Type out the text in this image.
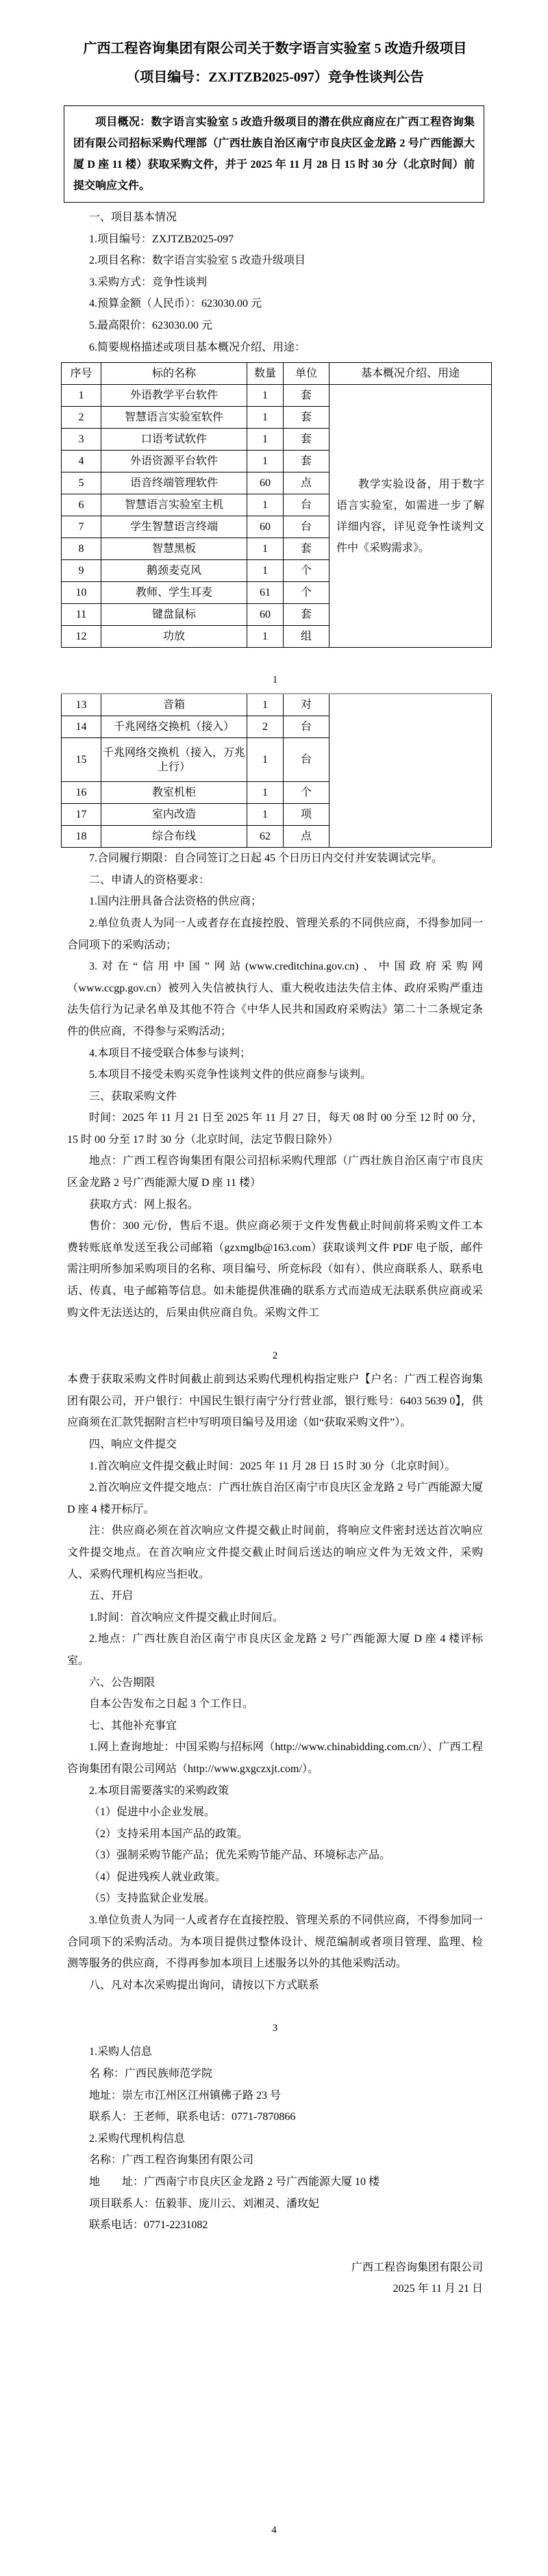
广西工程咨询集团有限公司关于数字语言实验室 5 改造升级项目
（项目编号：ZXJTZB2025-097）竞争性谈判公告

项目概况：数字语言实验室 5 改造升级项目的潜在供应商应在广西工程咨询集团有限公司招标采购代理部（广西壮族自治区南宁市良庆区金龙路 2 号广西能源大厦 D 座 11 楼）获取采购文件，并于 2025 年 11 月 28 日 15 时 30 分（北京时间）前提交响应文件。

一、项目基本情况

1.项目编号：ZXJTZB2025-097

2.项目名称：数字语言实验室 5 改造升级项目

3.采购方式：竞争性谈判

4.预算金额（人民币）：623030.00 元

5.最高限价：623030.00 元

6.简要规格描述或项目基本概况介绍、用途：

序号	标的名称	数量	单位	基本概况介绍、用途
1	外语教学平台软件	1	套	教学实验设备，用于数字语言实验室，如需进一步了解详细内容，详见竞争性谈判文件中《采购需求》。

2	智慧语言实验室软件	1	套	
3	口语考试软件	1	套	
4	外语资源平台软件	1	套	
5	语音终端管理软件	60	点	
6	智慧语言实验室主机	1	台	
7	学生智慧语言终端	60	台	
8	智慧黑板	1	套	
9	鹅颈麦克风	1	个	
10	教师、学生耳麦	61	个	
11	键盘鼠标	60	套	
12	功放	1	组	

1

13	音箱	1	对	
14	千兆网络交换机（接入）	2	台	
15	千兆网络交换机（接入，万兆上行）	1	台	
16	教室机柜	1	个	
17	室内改造	1	项	
18	综合布线	62	点	

7.合同履行期限：自合同签订之日起 45 个日历日内交付并安装调试完毕。

二、申请人的资格要求：

1.国内注册具备合法资格的供应商；

2.单位负责人为同一人或者存在直接控股、管理关系的不同供应商，不得参加同一合同项下的采购活动；

3.对在“信用中国”网站(www.creditchina.gov.cn)、中国政府采购网（www.ccgp.gov.cn）被列入失信被执行人、重大税收违法失信主体、政府采购严重违法失信行为记录名单及其他不符合《中华人民共和国政府采购法》第二十二条规定条件的供应商，不得参与采购活动；

4.本项目不接受联合体参与谈判；

5.本项目不接受未购买竞争性谈判文件的供应商参与谈判。

三、获取采购文件

时间：2025 年 11 月 21 日至 2025 年 11 月 27 日，每天 08 时 00 分至 12 时 00 分，15 时 00 分至 17 时 30 分（北京时间，法定节假日除外）

地点：广西工程咨询集团有限公司招标采购代理部（广西壮族自治区南宁市良庆区金龙路 2 号广西能源大厦 D 座 11 楼）

获取方式：网上报名。

售价：300 元/份，售后不退。供应商必须于文件发售截止时间前将采购文件工本费转账底单发送至我公司邮箱（gzxmglb@163.com）获取谈判文件 PDF 电子版，邮件需注明所参加采购项目的名称、项目编号、所竞标段（如有）、供应商联系人、联系电话、传真、电子邮箱等信息。如未能提供准确的联系方式而造成无法联系供应商或采购文件无法送达的，后果由供应商自负。采购文件工

2

本费于获取采购文件时间截止前到达采购代理机构指定账户【户名：广西工程咨询集团有限公司，开户银行：中国民生银行南宁分行营业部，银行账号：6403 5639 0】，供应商须在汇款凭据附言栏中写明项目编号及用途（如“获取采购文件”）。

四、响应文件提交

1.首次响应文件提交截止时间：2025 年 11 月 28 日 15 时 30 分（北京时间）。

2.首次响应文件提交地点：广西壮族自治区南宁市良庆区金龙路 2 号广西能源大厦 D 座 4 楼开标厅。

注：供应商必须在首次响应文件提交截止时间前，将响应文件密封送达首次响应文件提交地点。在首次响应文件提交截止时间后送达的响应文件为无效文件，采购人、采购代理机构应当拒收。

五、开启

1.时间：首次响应文件提交截止时间后。

2.地点：广西壮族自治区南宁市良庆区金龙路 2 号广西能源大厦 D 座 4 楼评标室。

六、公告期限

自本公告发布之日起 3 个工作日。

七、其他补充事宜

1.网上查询地址：中国采购与招标网（http://www.chinabidding.com.cn/）、广西工程咨询集团有限公司网站（http://www.gxgczxjt.com/）。

2.本项目需要落实的采购政策

（1）促进中小企业发展。

（2）支持采用本国产品的政策。

（3）强制采购节能产品；优先采购节能产品、环境标志产品。

（4）促进残疾人就业政策。

（5）支持监狱企业发展。

3.单位负责人为同一人或者存在直接控股、管理关系的不同供应商，不得参加同一合同项下的采购活动。为本项目提供过整体设计、规范编制或者项目管理、监理、检测等服务的供应商，不得再参加本项目上述服务以外的其他采购活动。

八、凡对本次采购提出询问，请按以下方式联系

3

1.采购人信息

名 称：广西民族师范学院

地址：崇左市江州区江州镇佛子路 23 号

联系人：王老师，联系电话：0771-7870866

2.采购代理机构信息

名称：广西工程咨询集团有限公司

地　　址：广西南宁市良庆区金龙路 2 号广西能源大厦 10 楼

项目联系人：伍毅菲、庞川云、刘湘灵、潘玫妃

联系电话：0771-2231082

广西工程咨询集团有限公司
2025 年 11 月 21 日
4
